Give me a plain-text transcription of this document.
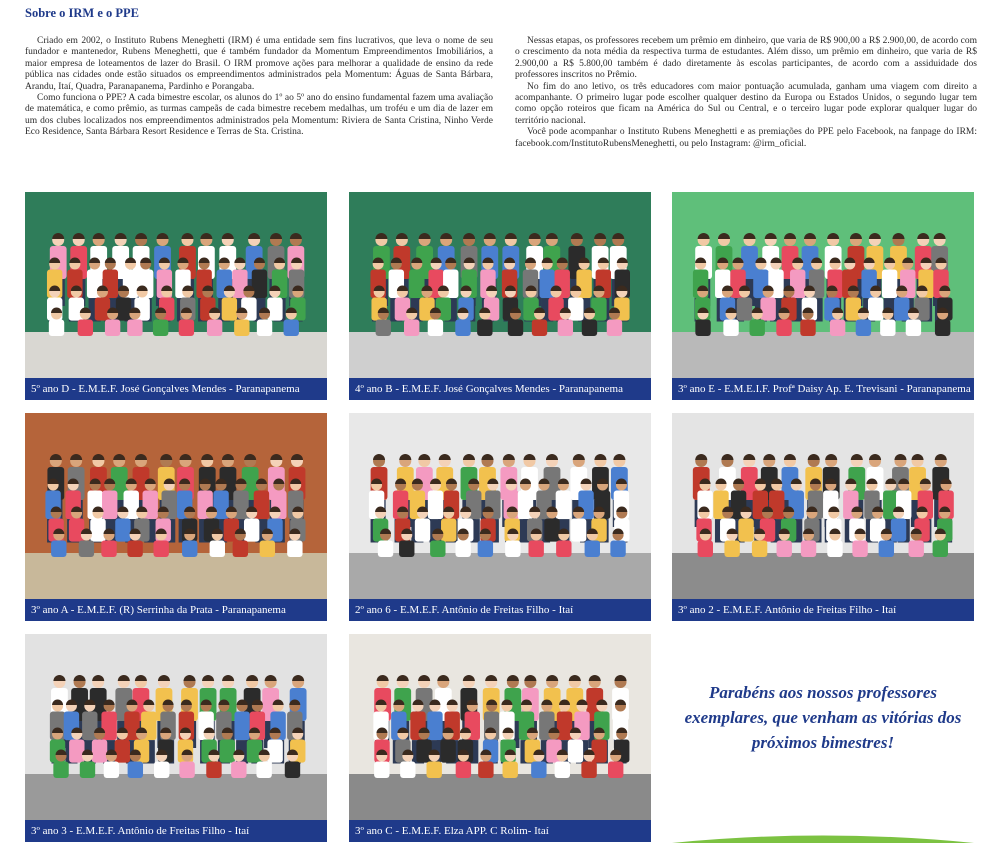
Sobre o IRM e o PPE

Criado em 2002, o Instituto Rubens Meneghetti (IRM) é uma entidade sem fins lucrativos, que leva o nome de seu fundador e mantenedor, Rubens Meneghetti, que é também fundador da Momentum Empreendimentos Imobiliários, a maior empresa de loteamentos de lazer do Brasil. O IRM promove ações para melhorar a qualidade de ensino da rede pública nas cidades onde estão situados os empreendimentos administrados pela Momentum: Águas de Santa Bárbara, Arandu, Itaí, Quadra, Paranapanema, Pardinho e Porangaba.

Como funciona o PPE? A cada bimestre escolar, os alunos do 1º ao 5º ano do ensino fundamental fazem uma avaliação de matemática, e como prêmio, as turmas campeãs de cada bimestre recebem medalhas, um troféu e um dia de lazer em um dos clubes localizados nos empreendimentos administrados pela Momentum: Riviera de Santa Cristina, Ninho Verde Eco Residence, Santa Bárbara Resort Residence e Terras de Sta. Cristina.

Nessas etapas, os professores recebem um prêmio em dinheiro, que varia de R$ 900,00 a R$ 2.900,00, de acordo com o crescimento da nota média da respectiva turma de estudantes. Além disso, um prêmio em dinheiro, que varia de R$ 2.900,00 a R$ 5.800,00 também é dado diretamente às escolas participantes, de acordo com a assiduidade dos professores inscritos no Prêmio.

No fim do ano letivo, os três educadores com maior pontuação acumulada, ganham uma viagem com direito a acompanhante. O primeiro lugar pode escolher qualquer destino da Europa ou Estados Unidos, o segundo lugar tem como opção roteiros que ficam na América do Sul ou Central, e o terceiro lugar pode explorar qualquer lugar do território nacional.

Você pode acompanhar o Instituto Rubens Meneghetti e as premiações do PPE pelo Facebook, na fanpage do IRM: facebook.com/InstitutoRubensMeneghetti, ou pelo Instagram: @irm_oficial.

5º ano D - E.M.E.F. José Gonçalves Mendes - Paranapanema	4º ano B - E.M.E.F. José Gonçalves Mendes - Paranapanema	3º ano E - E.M.E.I.F. Profª Daisy Ap. E. Trevisani - Paranapanema
3º ano A - E.M.E.F. (R) Serrinha da Prata - Paranapanema	2º ano 6 - E.M.E.F. Antônio de Freitas Filho - Itaí	3º ano 2 - E.M.E.F. Antônio de Freitas Filho - Itaí
3º ano 3 - E.M.E.F. Antônio de Freitas Filho - Itaí	3º ano C - E.M.E.F. Elza APP. C Rolim- Itaí
Parabéns aos nossos professores exemplares, que venham as vitórias dos próximos bimestres!
